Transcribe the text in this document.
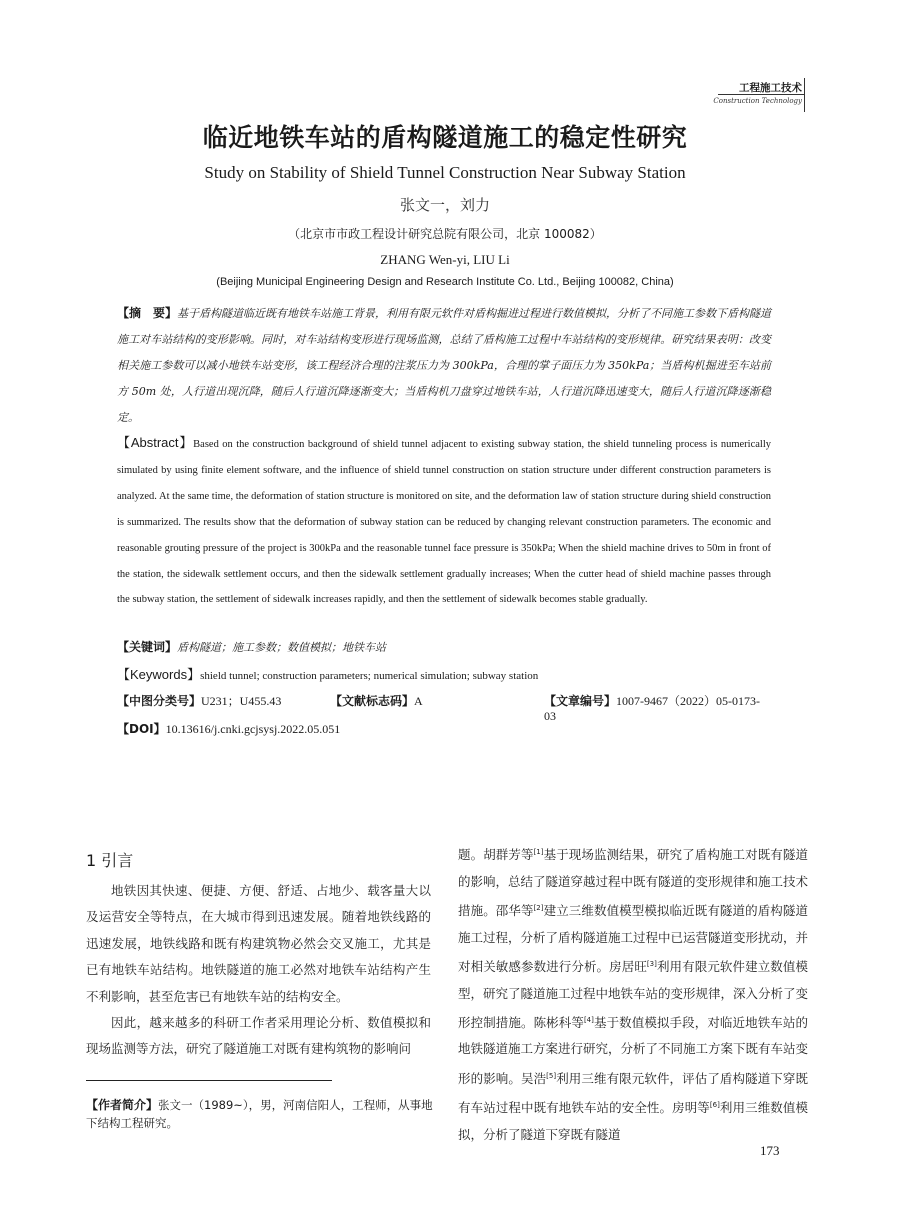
工程施工技术
Construction Technology
临近地铁车站的盾构隧道施工的稳定性研究
Study on Stability of Shield Tunnel Construction Near Subway Station
张文一，刘力
（北京市市政工程设计研究总院有限公司，北京 100082）
ZHANG Wen-yi, LIU Li
(Beijing Municipal Engineering Design and Research Institute Co. Ltd., Beijing 100082, China)
【摘　要】基于盾构隧道临近既有地铁车站施工背景，利用有限元软件对盾构掘进过程进行数值模拟，分析了不同施工参数下盾构隧道施工对车站结构的变形影响。同时，对车站结构变形进行现场监测，总结了盾构施工过程中车站结构的变形规律。研究结果表明：改变相关施工参数可以减小地铁车站变形，该工程经济合理的注浆压力为 300kPa，合理的掌子面压力为 350kPa；当盾构机掘进至车站前方 50m 处，人行道出现沉降，随后人行道沉降逐渐变大；当盾构机刀盘穿过地铁车站，人行道沉降迅速变大，随后人行道沉降逐渐稳定。
【Abstract】Based on the construction background of shield tunnel adjacent to existing subway station, the shield tunneling process is numerically simulated by using finite element software, and the influence of shield tunnel construction on station structure under different construction parameters is analyzed. At the same time, the deformation of station structure is monitored on site, and the deformation law of station structure during shield construction is summarized. The results show that the deformation of subway station can be reduced by changing relevant construction parameters. The economic and reasonable grouting pressure of the project is 300kPa and the reasonable tunnel face pressure is 350kPa; When the shield machine drives to 50m in front of the station, the sidewalk settlement occurs, and then the sidewalk settlement gradually increases; When the cutter head of shield machine passes through the subway station, the settlement of sidewalk increases rapidly, and then the settlement of sidewalk becomes stable gradually.
【关键词】盾构隧道；施工参数；数值模拟；地铁车站
【Keywords】shield tunnel; construction parameters; numerical simulation; subway station
【中图分类号】U231；U455.43	【文献标志码】A	【文章编号】1007-9467（2022）05-0173-03
【DOI】10.13616/j.cnki.gcjsysj.2022.05.051
1 引言

地铁因其快速、便捷、方便、舒适、占地少、载客量大以及运营安全等特点，在大城市得到迅速发展。随着地铁线路的迅速发展，地铁线路和既有构建筑物必然会交叉施工，尤其是已有地铁车站结构。地铁隧道的施工必然对地铁车站结构产生不利影响，甚至危害已有地铁车站的结构安全。

因此，越来越多的科研工作者采用理论分析、数值模拟和现场监测等方法，研究了隧道施工对既有建构筑物的影响问

题。胡群芳等[1]基于现场监测结果，研究了盾构施工对既有隧道的影响，总结了隧道穿越过程中既有隧道的变形规律和施工技术措施。邵华等[2]建立三维数值模型模拟临近既有隧道的盾构隧道施工过程，分析了盾构隧道施工过程中已运营隧道变形扰动，并对相关敏感参数进行分析。房居旺[3]利用有限元软件建立数值模型，研究了隧道施工过程中地铁车站的变形规律，深入分析了变形控制措施。陈彬科等[4]基于数值模拟手段，对临近地铁车站的地铁隧道施工方案进行研究，分析了不同施工方案下既有车站变形的影响。吴浩[5]利用三维有限元软件，评估了盾构隧道下穿既有车站过程中既有地铁车站的安全性。房明等[6]利用三维数值模拟，分析了隧道下穿既有隧道

【作者简介】张文一（1989~），男，河南信阳人，工程师，从事地下结构工程研究。
173
